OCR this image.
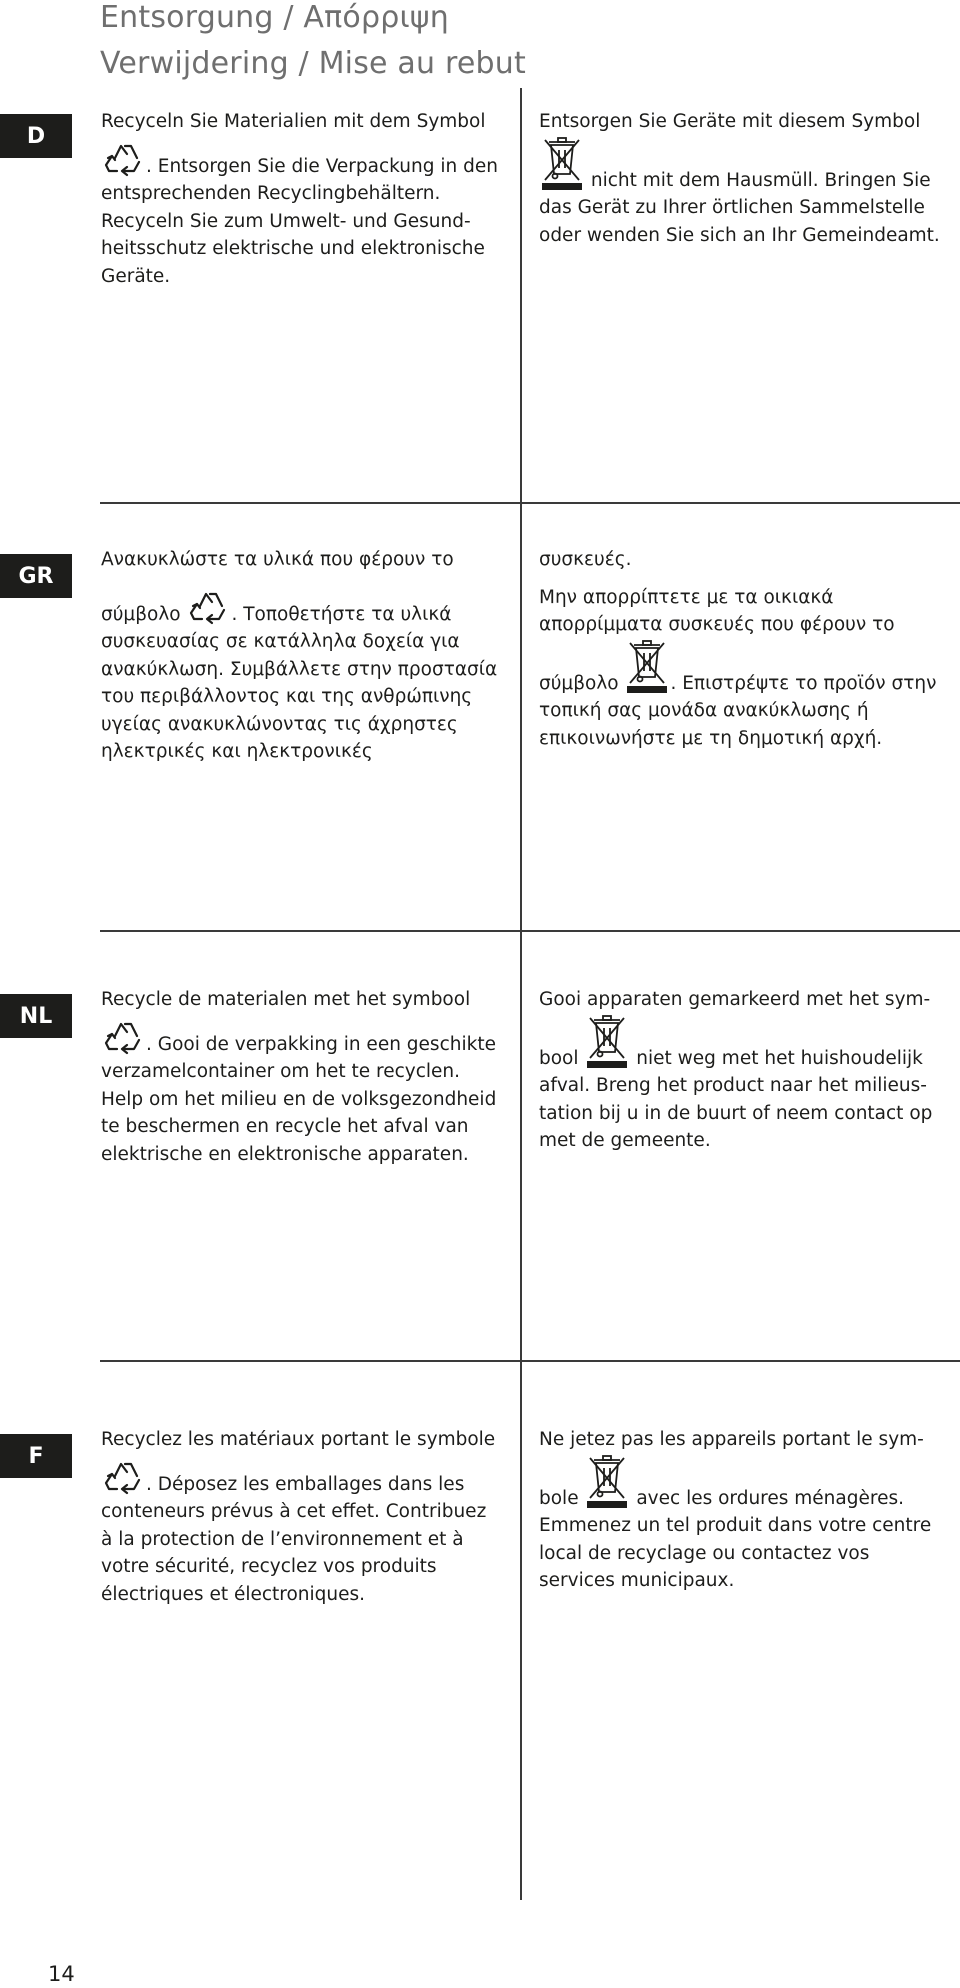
Entsorgung / Απόρριψη
Verwijdering / Mise au rebut
D

Recyceln Sie Materialien mit dem Symbol
. Entsorgen Sie die Verpackung in den entsprechenden Recyclingbehältern. Recyceln Sie zum Umwelt- und Gesundheitsschutz elektrische und elektronische Geräte.

Entsorgen Sie Geräte mit diesem Symbol
nicht mit dem Hausmüll. Bringen Sie das Gerät zu Ihrer örtlichen Sammelstelle oder wenden Sie sich an Ihr Gemeindeamt.

GR

Ανακυκλώστε τα υλικά που φέρουν το
σύμβολο . Τοποθετήστε τα υλικά συσκευασίας σε κατάλληλα δοχεία για ανακύκλωση. Συμβάλλετε στην προστασία του περιβάλλοντος και της ανθρώπινης υγείας ανακυκλώνοντας τις άχρηστες ηλεκτρικές και ηλεκτρονικές

συσκευές.

Μην απορρίπτετε με τα οικιακά απορρίμματα συσκευές που φέρουν το
σύμβολο . Επιστρέψτε το προϊόν στην τοπική σας μονάδα ανακύκλωσης ή επικοινωνήστε με τη δημοτική αρχή.

NL

Recycle de materialen met het symbool
. Gooi de verpakking in een geschikte verzamelcontainer om het te recyclen. Help om het milieu en de volksgezondheid te beschermen en recycle het afval van elektrische en elektronische apparaten.

Gooi apparaten gemarkeerd met het sym-
bool  niet weg met het huishoudelijk afval. Breng het product naar het milieustation bij u in de buurt of neem contact op met de gemeente.

F

Recyclez les matériaux portant le symbole
. Déposez les emballages dans les conteneurs prévus à cet effet. Contribuez à la protection de l’environnement et à votre sécurité, recyclez vos produits électriques et électroniques.

Ne jetez pas les appareils portant le sym-
bole  avec les ordures ménagères. Emmenez un tel produit dans votre centre local de recyclage ou contactez vos services municipaux.

14
